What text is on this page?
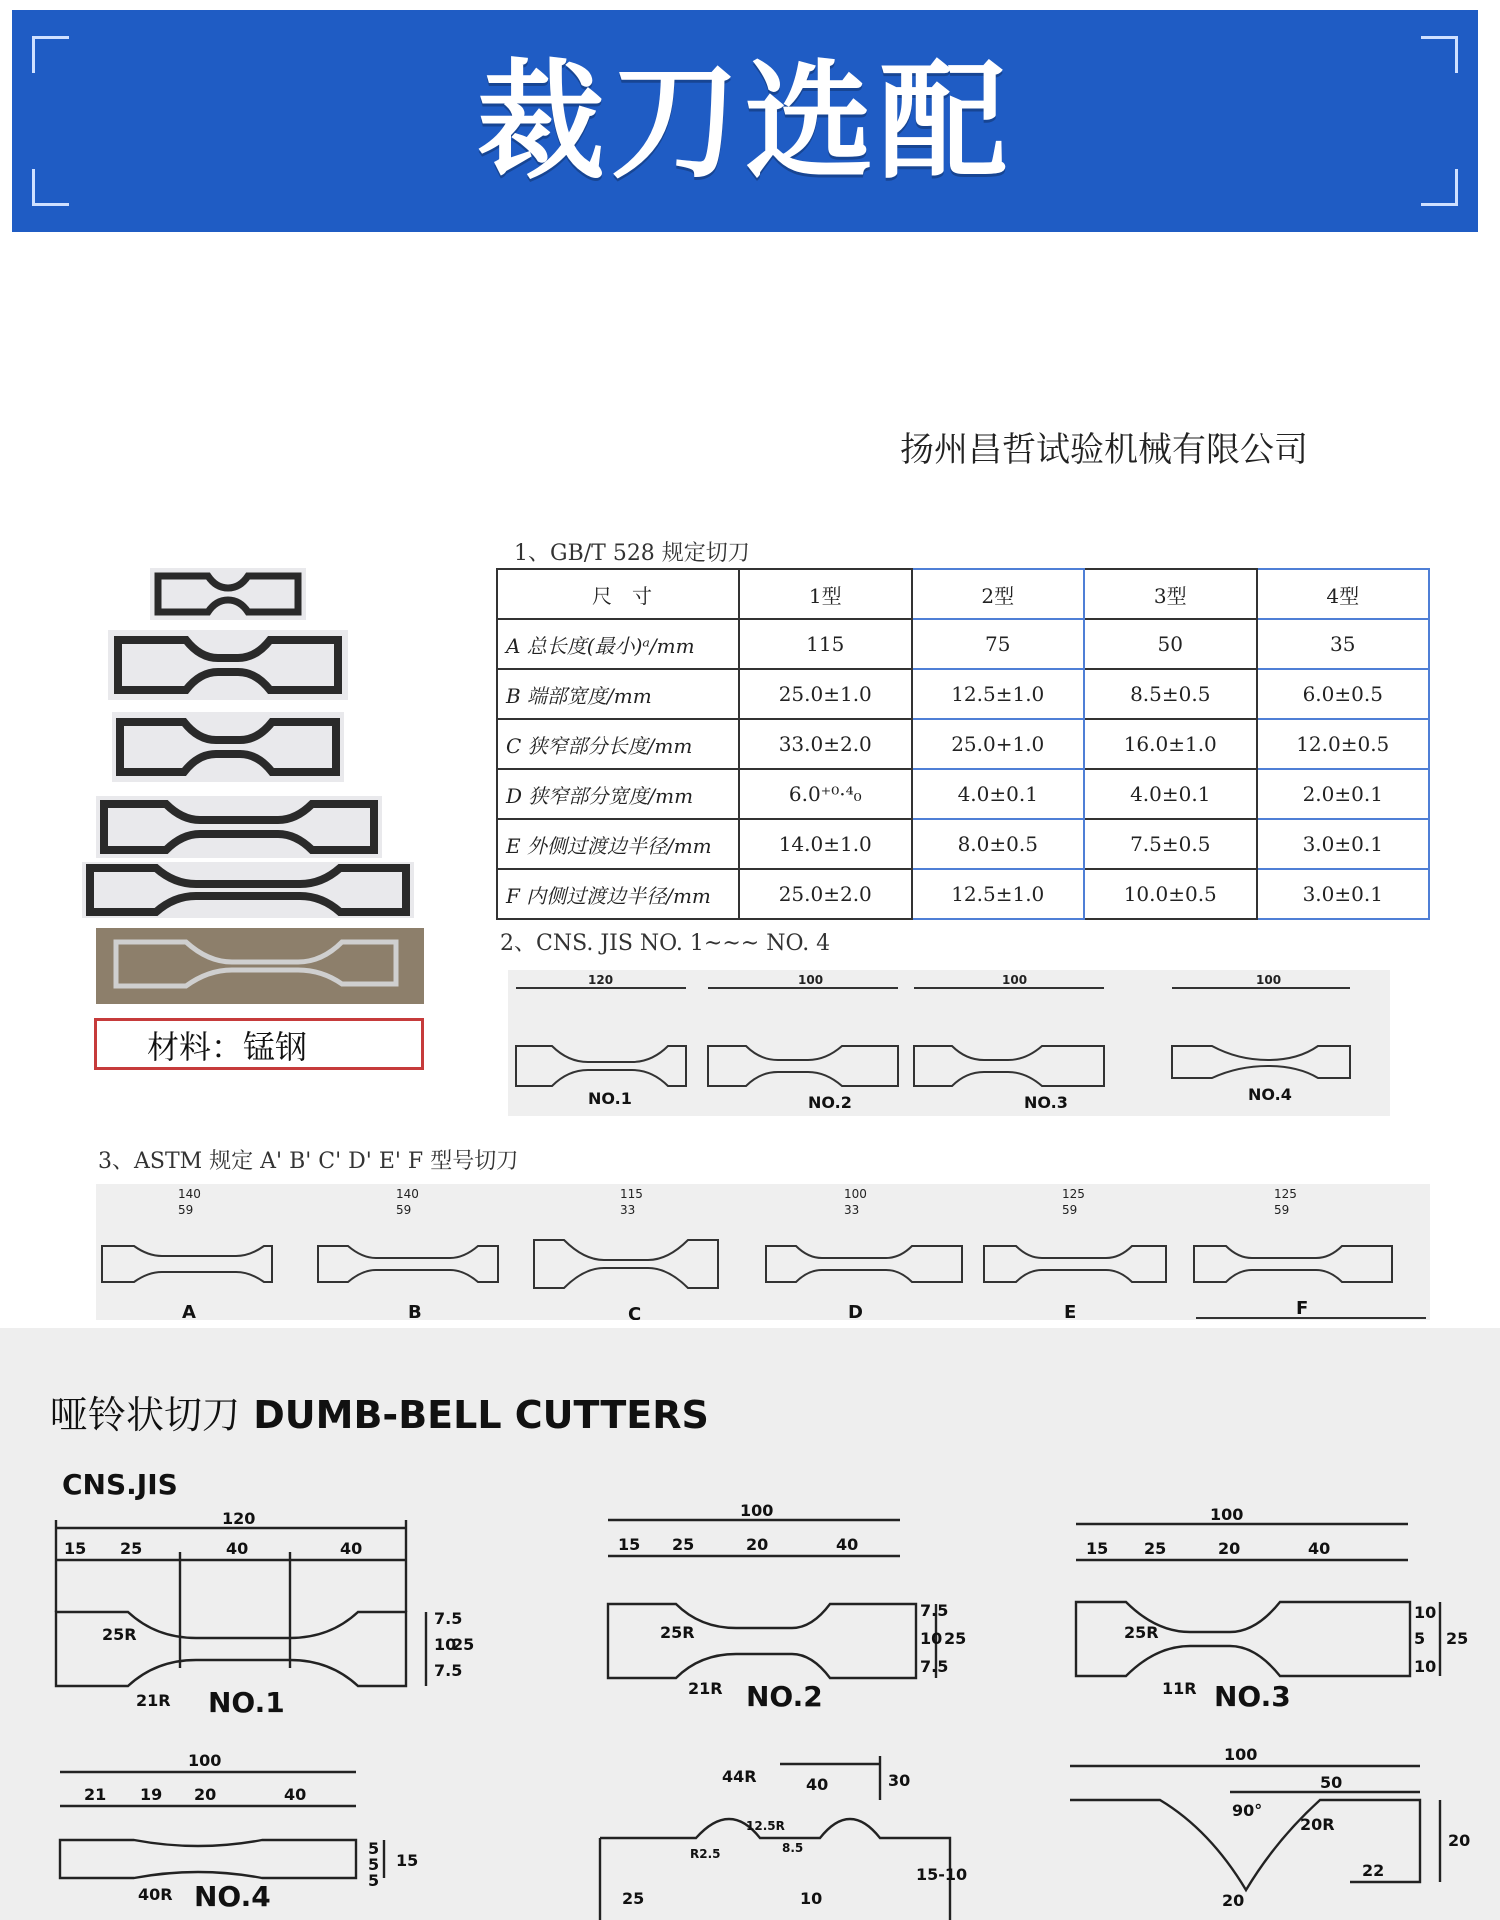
裁刀选配
扬州昌哲试验机械有限公司
材料：锰钢
1、GB/T 528 规定切刀
尺　寸	1型	2型	3型	4型
A 总长度(最小)ᵃ/mm	115	75	50	35
B 端部宽度/mm	25.0±1.0	12.5±1.0	8.5±0.5	6.0±0.5
C 狭窄部分长度/mm	33.0±2.0	25.0+1.0	16.0±1.0	12.0±0.5
D 狭窄部分宽度/mm	6.0⁺⁰·⁴₀	4.0±0.1	4.0±0.1	2.0±0.1
E 外侧过渡边半径/mm	14.0±1.0	8.0±0.5	7.5±0.5	3.0±0.1
F 内侧过渡边半径/mm	25.0±2.0	12.5±1.0	10.0±0.5	3.0±0.1
2、CNS. JIS NO. 1~~~ NO. 4
120	100	100	100
NO.1	NO.2	NO.3	NO.4
3、ASTM 规定 A' B' C' D' E' F 型号切刀
140
59
140
59
115
33
100
33
125
59
125
59
A	B	C	D	E	F
哑铃状切刀 DUMB-BELL CUTTERS
CNS.JIS
120
15 25	40	40
7.5
10
7.5
25
25R
21R NO.1
100
15 25	20	40
7.5
10
7.5
25
25R
21R NO.2
100
15 25	20	40
10
5
10
25
25R
11R NO.3
100
21 19 20	40
5
5
5
15
40R NO.4
40
44R
12.5R
8.5
30
25	10
15-10
R2.5
100
50
90°
20R
20
22
20
